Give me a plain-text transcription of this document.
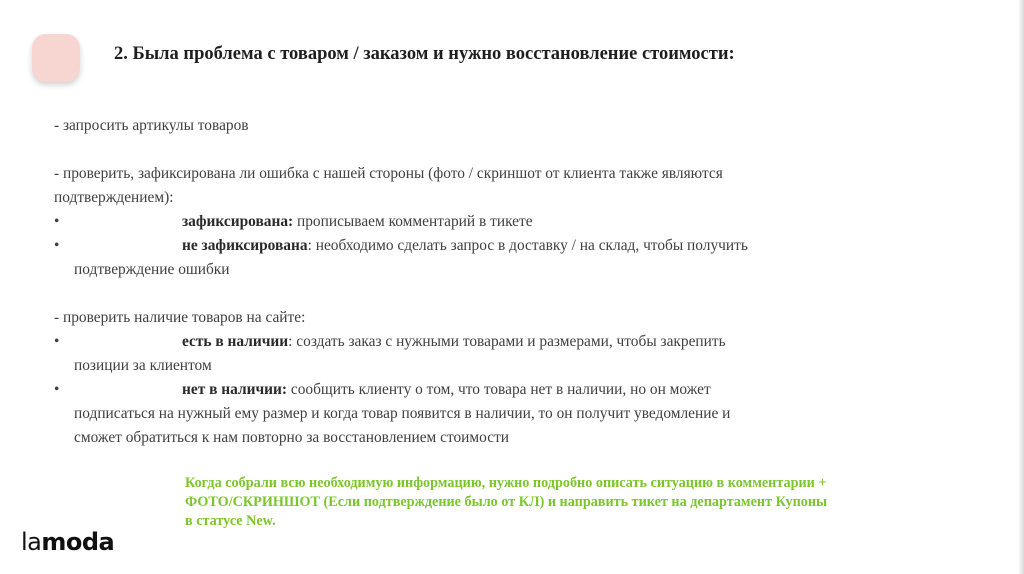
2. Была проблема с товаром / заказом и нужно восстановление стоимости:
- запросить артикулы товаров
- проверить, зафиксирована ли ошибка с нашей стороны (фото / скриншот от клиента также являются
подтверждением):
•	зафиксирована: прописываем комментарий в тикете
•	не зафиксирована: необходимо сделать запрос в доставку / на склад, чтобы получить
подтверждение ошибки
- проверить наличие товаров на сайте:
•	есть в наличии: создать заказ с нужными товарами и размерами, чтобы закрепить
позиции за клиентом
•	нет в наличии: сообщить клиенту о том, что товара нет в наличии, но он может
подписаться на нужный ему размер и когда товар появится в наличии, то он получит уведомление и
сможет обратиться к нам повторно за восстановлением стоимости
Когда собрали всю необходимую информацию, нужно подробно описать ситуацию в комментарии +
ФОТО/СКРИНШОТ (Если подтверждение было от КЛ) и направить тикет на департамент Купоны
в статусе New.
lamoda
